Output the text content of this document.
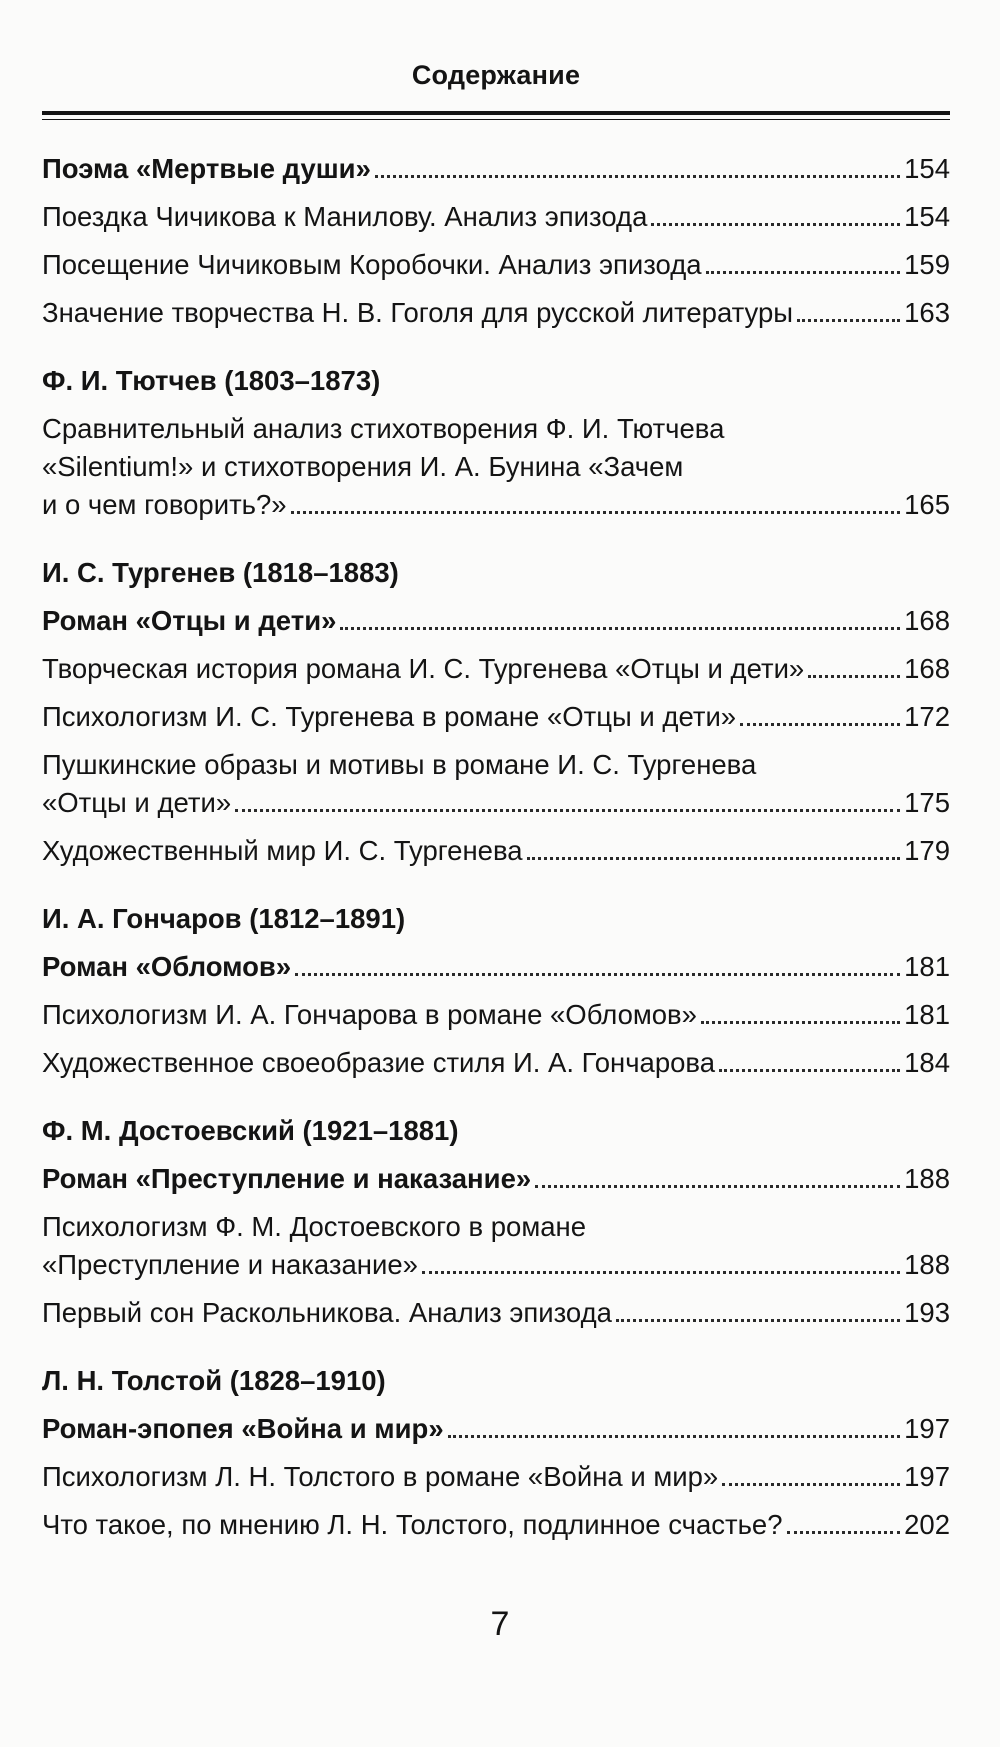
Содержание
Поэма «Мертвые души»	154
Поездка Чичикова к Манилову. Анализ эпизода	154
Посещение Чичиковым Коробочки. Анализ эпизода	159
Значение творчества Н. В. Гоголя для русской литературы	163
Ф. И. Тютчев (1803–1873)
Сравнительный анализ стихотворения Ф. И. Тютчева
«Silentium!» и стихотворения И. А. Бунина «Зачем
и о чем говорить?»	165
И. С. Тургенев (1818–1883)
Роман «Отцы и дети»	168
Творческая история романа И. С. Тургенева «Отцы и дети»	168
Психологизм И. С. Тургенева в романе «Отцы и дети»	172
Пушкинские образы и мотивы в романе И. С. Тургенева
«Отцы и дети»	175
Художественный мир И. С. Тургенева	179
И. А. Гончаров (1812–1891)
Роман «Обломов»	181
Психологизм И. А. Гончарова в романе «Обломов»	181
Художественное своеобразие стиля И. А. Гончарова	184
Ф. М. Достоевский (1921–1881)
Роман «Преступление и наказание»	188
Психологизм Ф. М. Достоевского в романе
«Преступление и наказание»	188
Первый сон Раскольникова. Анализ эпизода	193
Л. Н. Толстой (1828–1910)
Роман-эпопея «Война и мир»	197
Психологизм Л. Н. Толстого в романе «Война и мир»	197
Что такое, по мнению Л. Н. Толстого, подлинное счастье?	202
7
